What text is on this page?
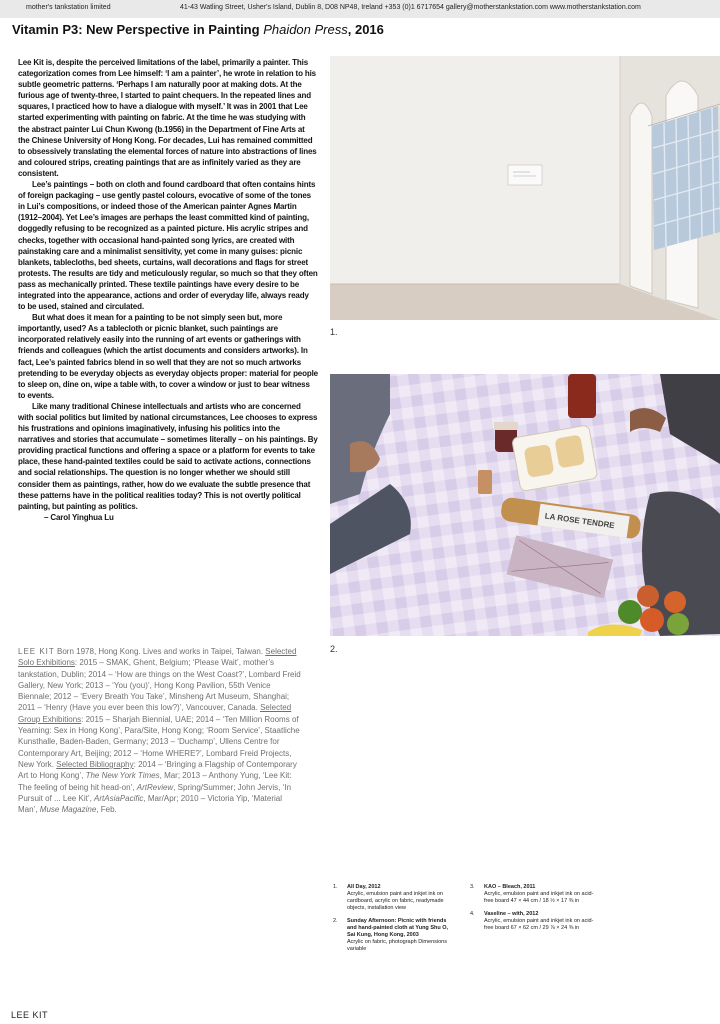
mother's tankstation limited	41-43 Watling Street, Usher's Island, Dublin 8, D08 NP48, Ireland +353 (0)1 6717654 gallery@motherstankstation.com www.motherstankstation.com
Vitamin P3: New Perspective in Painting Phaidon Press, 2016

Lee Kit is, despite the perceived limitations of the label, primarily a painter. This categorization comes from Lee himself: ‘I am a painter’, he wrote in relation to his subtle geometric patterns. ‘Perhaps I am naturally poor at making dots. At the furious age of twenty-three, I started to paint chequers. In the repeated lines and squares, I practiced how to have a dialogue with myself.’ It was in 2001 that Lee started experimenting with painting on fabric. At the time he was studying with the abstract painter Lui Chun Kwong (b.1956) in the Department of Fine Arts at the Chinese University of Hong Kong. For decades, Lui has remained committed to obsessively translating the elemental forces of nature into abstractions of lines and coloured strips, creating paintings that are as infinitely varied as they are consistent.

Lee’s paintings – both on cloth and found cardboard that often contains hints of foreign packaging – use gently pastel colours, evocative of some of the tones in Lui’s compositions, or indeed those of the American painter Agnes Martin (1912–2004). Yet Lee’s images are perhaps the least committed kind of painting, doggedly refusing to be recognized as a painted picture. His acrylic stripes and checks, together with occasional hand-painted song lyrics, are created with painstaking care and a minimalist sensitivity, yet come in many guises: picnic blankets, tablecloths, bed sheets, curtains, wall decorations and flags for street protests. The results are tidy and meticulously regular, so much so that they often pass as mechanically printed. These textile paintings have every desire to be integrated into the appearance, actions and order of everyday life, always ready to be used, stained and circulated.

But what does it mean for a painting to be not simply seen but, more importantly, used? As a tablecloth or picnic blanket, such paintings are incorporated relatively easily into the running of art events or gatherings with friends and colleagues (which the artist documents and considers artworks). In fact, Lee’s painted fabrics blend in so well that they are not so much artworks pretending to be everyday objects as everyday objects proper: material for people to sleep on, dine on, wipe a table with, to cover a window or just to bear witness to events.

Like many traditional Chinese intellectuals and artists who are concerned with social politics but limited by national circumstances, Lee chooses to express his frustrations and opinions imaginatively, infusing his politics into the narratives and stories that accumulate – sometimes literally – on his paintings. By providing practical functions and offering a space or a platform for events to take place, these hand-painted textiles could be said to activate actions, connections and social relationships. The question is no longer whether we should still consider them as paintings, rather, how do we evaluate the subtle presence that these patterns have in the political realities today? This is not overtly political painting, but painting as politics.

– Carol Yinghua Lu

LEE KIT Born 1978, Hong Kong. Lives and works in Taipei, Taiwan. Selected Solo Exhibitions: 2015 – SMAK, Ghent, Belgium; ‘Please Wait’, mother’s tankstation, Dublin; 2014 – ‘How are things on the West Coast?’, Lombard Freid Gallery, New York; 2013 – ‘You (you)’, Hong Kong Pavilion, 55th Venice Biennale; 2012 – ‘Every Breath You Take’, Minsheng Art Museum, Shanghai; 2011 – ‘Henry (Have you ever been this low?)’, Vancouver, Canada. Selected Group Exhibitions: 2015 – Sharjah Biennial, UAE; 2014 – ‘Ten Million Rooms of Yearning: Sex in Hong Kong’, Para/Site, Hong Kong; ‘Room Service’, Staatliche Kunsthalle, Baden-Baden, Germany; 2013 – ‘Duchamp’, Ullens Centre for Contemporary Art, Beijing; 2012 – ‘Home WHERE?’, Lombard Freid Projects, New York. Selected Bibliography: 2014 – ‘Bringing a Flagship of Contemporary Art to Hong Kong’, The New York Times, Mar; 2013 – Anthony Yung, ‘Lee Kit: The feeling of being hit head-on’, ArtReview, Spring/Summer; John Jervis, ‘In Pursuit of ... Lee Kit’, ArtAsiaPacific, Mar/Apr; 2010 – Victoria Yip, ‘Material Man’, Muse Magazine, Feb.
1.
LA ROSE TENDRE
2.
1. All Day, 2012
Acrylic, emulsion paint and inkjet ink on cardboard, acrylic on fabric, readymade objects, installation view
2. Sunday Afternoon: Picnic with friends and hand-painted cloth at Yung Shu O, Sai Kung, Hong Kong, 2003
Acrylic on fabric, photograph Dimensions variable
3. KAO – Bleach, 2011
Acrylic, emulsion paint and inkjet ink on acid-free board 47 × 44 cm / 18 ½ × 17 ⅜ in
4. Vaseline – with, 2012
Acrylic, emulsion paint and inkjet ink on acid-free board 67 × 62 cm / 29 ⅞ × 24 ⅜ in
LEE KIT
